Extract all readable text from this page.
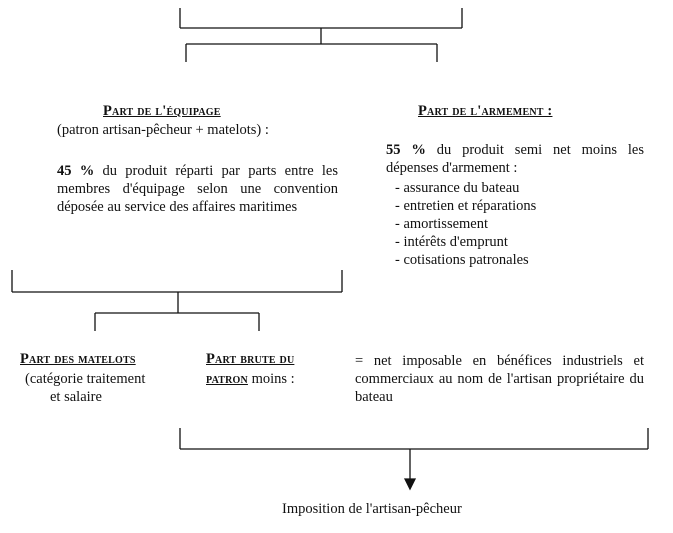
Part de l'équipage
(patron artisan-pêcheur + matelots) :
45 % du produit réparti par parts entre les membres d'équipage selon une convention déposée au service des affaires maritimes
Part de l'armement :
55 % du produit semi net moins les dépenses d'armement :
- assurance du bateau
- entretien et réparations
- amortissement
- intérêts d'emprunt
- cotisations patronales
Part des matelots
(catégorie traitement
et salaire
Part brute du
patron moins :
= net imposable en bénéfices industriels et commerciaux au nom de l'artisan propriétaire du bateau
Imposition de l'artisan-pêcheur
